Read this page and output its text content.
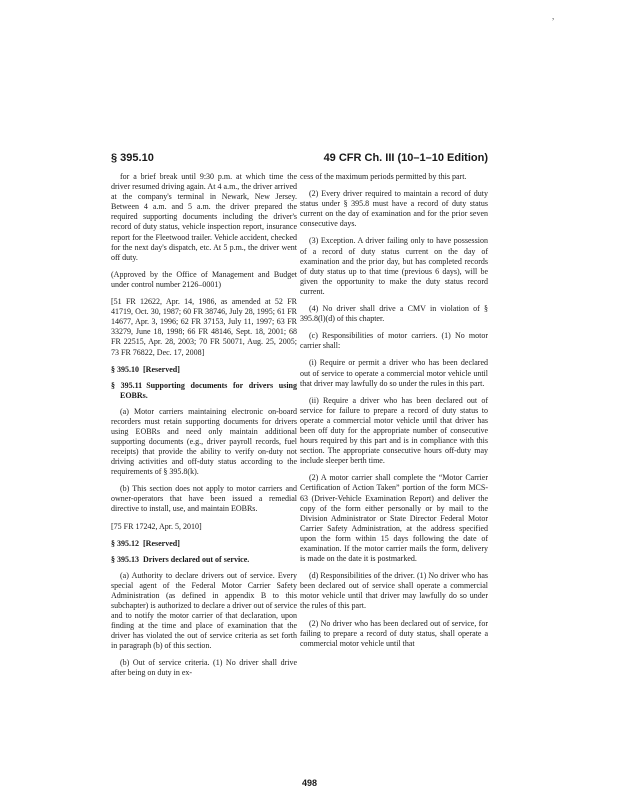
,
§ 395.10	49 CFR Ch. III (10–1–10 Edition)

for a brief break until 9:30 p.m. at which time the driver resumed driving again. At 4 a.m., the driver arrived at the company's terminal in Newark, New Jersey. Between 4 a.m. and 5 a.m. the driver prepared the required supporting documents including the driver's record of duty status, vehicle inspection report, insurance report for the Fleetwood trailer. Vehicle accident, checked for the next day's dispatch, etc. At 5 p.m., the driver went off duty.

(Approved by the Office of Management and Budget under control number 2126–0001)

[51 FR 12622, Apr. 14, 1986, as amended at 52 FR 41719, Oct. 30, 1987; 60 FR 38746, July 28, 1995; 61 FR 14677, Apr. 3, 1996; 62 FR 37153, July 11, 1997; 63 FR 33279, June 18, 1998; 66 FR 48146, Sept. 18, 2001; 68 FR 22515, Apr. 28, 2003; 70 FR 50071, Aug. 25, 2005; 73 FR 76822, Dec. 17, 2008]

§ 395.10 [Reserved]
§ 395.11 Supporting documents for drivers using EOBRs.

(a) Motor carriers maintaining electronic on-board recorders must retain supporting documents for drivers using EOBRs and need only maintain additional supporting documents (e.g., driver payroll records, fuel receipts) that provide the ability to verify on-duty not driving activities and off-duty status according to the requirements of § 395.8(k).

(b) This section does not apply to motor carriers and owner-operators that have been issued a remedial directive to install, use, and maintain EOBRs.

[75 FR 17242, Apr. 5, 2010]

§ 395.12 [Reserved]
§ 395.13 Drivers declared out of service.

(a) Authority to declare drivers out of service. Every special agent of the Federal Motor Carrier Safety Administration (as defined in appendix B to this subchapter) is authorized to declare a driver out of service and to notify the motor carrier of that declaration, upon finding at the time and place of examination that the driver has violated the out of service criteria as set forth in paragraph (b) of this section.

(b) Out of service criteria. (1) No driver shall drive after being on duty in ex-

cess of the maximum periods permitted by this part.

(2) Every driver required to maintain a record of duty status under § 395.8 must have a record of duty status current on the day of examination and for the prior seven consecutive days.

(3) Exception. A driver failing only to have possession of a record of duty status current on the day of examination and the prior day, but has completed records of duty status up to that time (previous 6 days), will be given the opportunity to make the duty status record current.

(4) No driver shall drive a CMV in violation of § 395.8(l)(d) of this chapter.

(c) Responsibilities of motor carriers. (1) No motor carrier shall:

(i) Require or permit a driver who has been declared out of service to operate a commercial motor vehicle until that driver may lawfully do so under the rules in this part.

(ii) Require a driver who has been declared out of service for failure to prepare a record of duty status to operate a commercial motor vehicle until that driver has been off duty for the appropriate number of consecutive hours required by this part and is in compliance with this section. The appropriate consecutive hours off-duty may include sleeper berth time.

(2) A motor carrier shall complete the “Motor Carrier Certification of Action Taken” portion of the form MCS-63 (Driver-Vehicle Examination Report) and deliver the copy of the form either personally or by mail to the Division Administrator or State Director Federal Motor Carrier Safety Administration, at the address specified upon the form within 15 days following the date of examination. If the motor carrier mails the form, delivery is made on the date it is postmarked.

(d) Responsibilities of the driver. (1) No driver who has been declared out of service shall operate a commercial motor vehicle until that driver may lawfully do so under the rules of this part.

(2) No driver who has been declared out of service, for failing to prepare a record of duty status, shall operate a commercial motor vehicle until that

498
